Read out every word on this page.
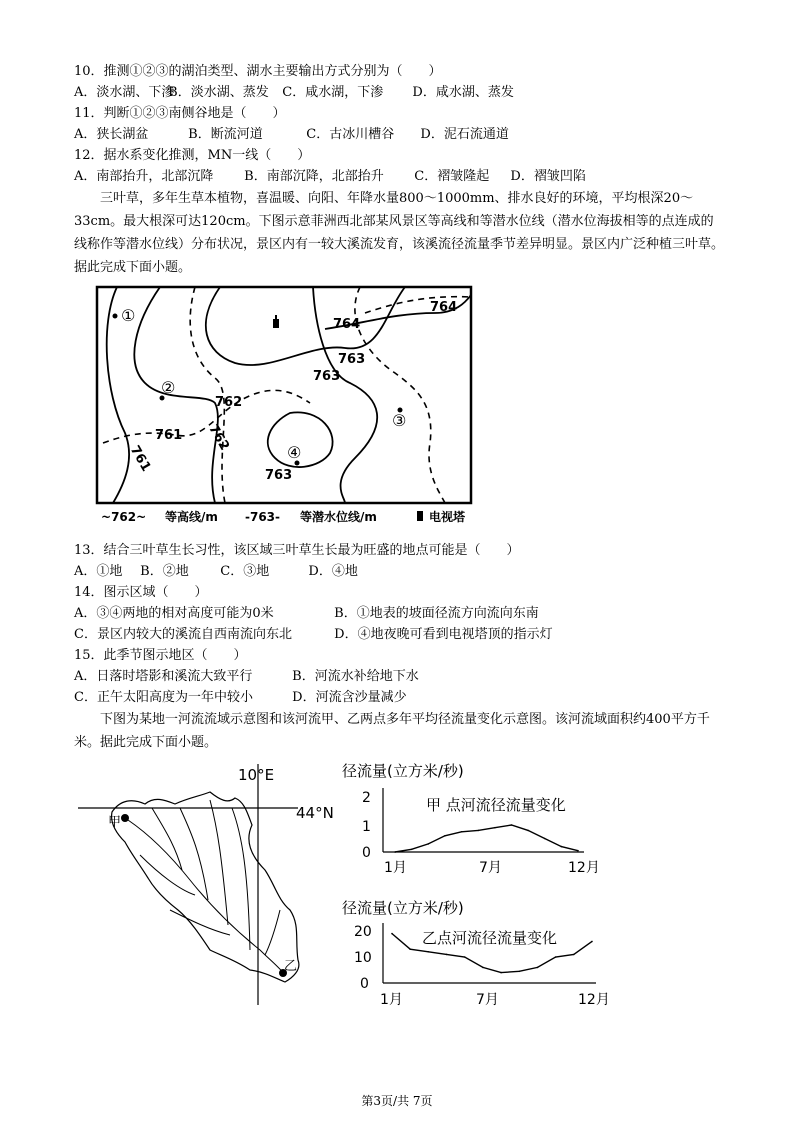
10．推测①②③的湖泊类型、湖水主要输出方式分别为（　　）
A．淡水湖、下渗 B．淡水湖、蒸发 C．咸水湖，下渗 D．咸水湖、蒸发
11．判断①②③南侧谷地是（　　）
A．狭长湖盆	B．断流河道	C．古冰川槽谷 D．泥石流通道
12．据水系变化推测，MN一线（　　）
A．南部抬升，北部沉降 B．南部沉降，北部抬升 C．褶皱隆起 D．褶皱凹陷
三叶草，多年生草本植物，喜温暖、向阳、年降水量800～1000mm、排水良好的环境，平均根深20～33cm。最大根深可达120cm。下图示意菲洲西北部某风景区等高线和等潜水位线（潜水位海拔相等的点连成的线称作等潜水位线）分布状况，景区内有一较大溪流发育，该溪流径流量季节差异明显。景区内广泛种植三叶草。据此完成下面小题。
764
764
763
763
762
762
761
761
763
①
②
③
④
~762~ 等高线/m -763- 等潜水位线/m	电视塔
13．结合三叶草生长习性，该区域三叶草生长最为旺盛的地点可能是（　　）
A．①地 B．②地 C．③地	D．④地
14．图示区域（　　）
A．③④两地的相对高度可能为0米	B．①地表的坡面径流方向流向东南
C．景区内较大的溪流自西南流向东北	D．④地夜晚可看到电视塔顶的指示灯
15．此季节图示地区（　　）
A．日落时塔影和溪流大致平行	B．河流水补给地下水
C．正午太阳高度为一年中较小	D．河流含沙量减少
下图为某地一河流流域示意图和该河流甲、乙两点多年平均径流量变化示意图。该河流域面积约400平方千米。据此完成下面小题。
10°E
44°N
甲
乙
径流量(立方米/秒)
甲 点河流径流量变化
2
1
0
1月	7月	12月
径流量(立方米/秒)
乙点河流径流量变化
20
10
0
1月	7月	12月
第3页/共 7页
